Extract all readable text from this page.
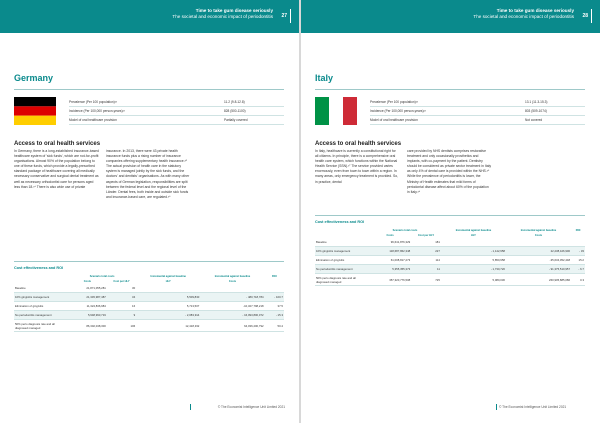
Time to take gum disease seriously
The societal and economic impact of periodontitis 27
Germany
Prevalence (Per 100 population)²³	11.2 (9.8-12.8)
Incidence (Per 100,000 person-years)²³	828 (500-1100)
Model of oral healthcare provision	Partially covered
Access to oral health services
In Germany, there is a long-established insurance-based healthcare system of 'sick funds', which are not-for-profit organisations. Almost 90% of the population belong to one of these funds, which provide a legally-prescribed standard package of healthcare covering all medically necessary conservative and surgical dental treatment as well as necessary orthodontist care for persons aged less than 18.³⁴ There is also wide use of private
insurance. In 2013, there were 43 private health insurance funds plus a rising number of insurance companies offering supplementary health insurance.³⁵ The actual provision of health care in the statutory system is managed jointly by the sick funds, and the doctors' and dentists' organisations. As with many other aspects of German legislation, responsibilities are split between the federal level and the regional level of the Länder. Dental fees, both inside and outside sick funds and insurance-based care, are regulated.³⁶
Cost effectiveness and ROI
	Scenario total costs		Incremental against baseline	Incremental against baseline	ROI
	Costs	Cost per HLY	HLY	Costs	
Baseline	21,871,055,281	30			
10% gingivitis management	21,345,987,487	34	5,509,830	- 480,718,784	- 100.7
Elimination of gingivitis	11,324,836,984	16	5,713,507	-10,327,798,218	37.5
No periodontitis management	5,948,993,719	9	- 2,083,914	- 16,093,800,072	- 15.3
50% perio diagnosis rate and all diagnosed managed	86,302,048,300	106	12,418,332	64,036,200,792	50.4
© The Economist Intelligence Unit Limited 2021
Time to take gum disease seriously
The societal and economic impact of periodontitis 28
Italy
Prevalence (Per 100 population)²³	13.1 (11.3-15.3)
Incidence (Per 100,000 person-years)²³	803 (509-1074)
Model of oral healthcare provision	Not covered
Access to oral health services
In Italy, healthcare is currently a constitutional right for all citizens. In principle, there is a comprehensive oral health care system, which functions within the National Health Service (SSN).³⁷ The service provided varies enormously, even from town to town within a region. In many areas, only emergency treatment is provided. So, in practice, dental
care provided by NHS dentists comprises restorative treatment and only occasionally prosthetics and implants, with co-payment by the patient. Dentistry should be considered as private sector treatment in Italy as only 4% of dental care is provided within the NHS.³⁸ While the prevalence of periodontitis is lower, the Ministry of Health estimates that mild forms of periodontal disease affect about 60% of the population in Italy.³⁹
Cost effectiveness and ROI
	Scenario total costs		Incremental against baseline	Incremental against baseline	ROI
	Costs	Cost per HLY	HLY	Costs	
Baseline	96,641,876,329	181			
10% gingivitis management	118,687,862,348	227	- 1,142,958	22,238,426,900	- 33
Elimination of gingivitis	61,008,817,273	114	5,850,958	-35,634,052,448	15.2
No periodontitis management	5,355,355,373	11	- 1,730,720	- 91,375,510,957	- 6.7
50% perio diagnosis rate and all diagnosed managed	357,320,776,508	725	5,080,030	260,905,885,086	0.3
© The Economist Intelligence Unit Limited 2021
